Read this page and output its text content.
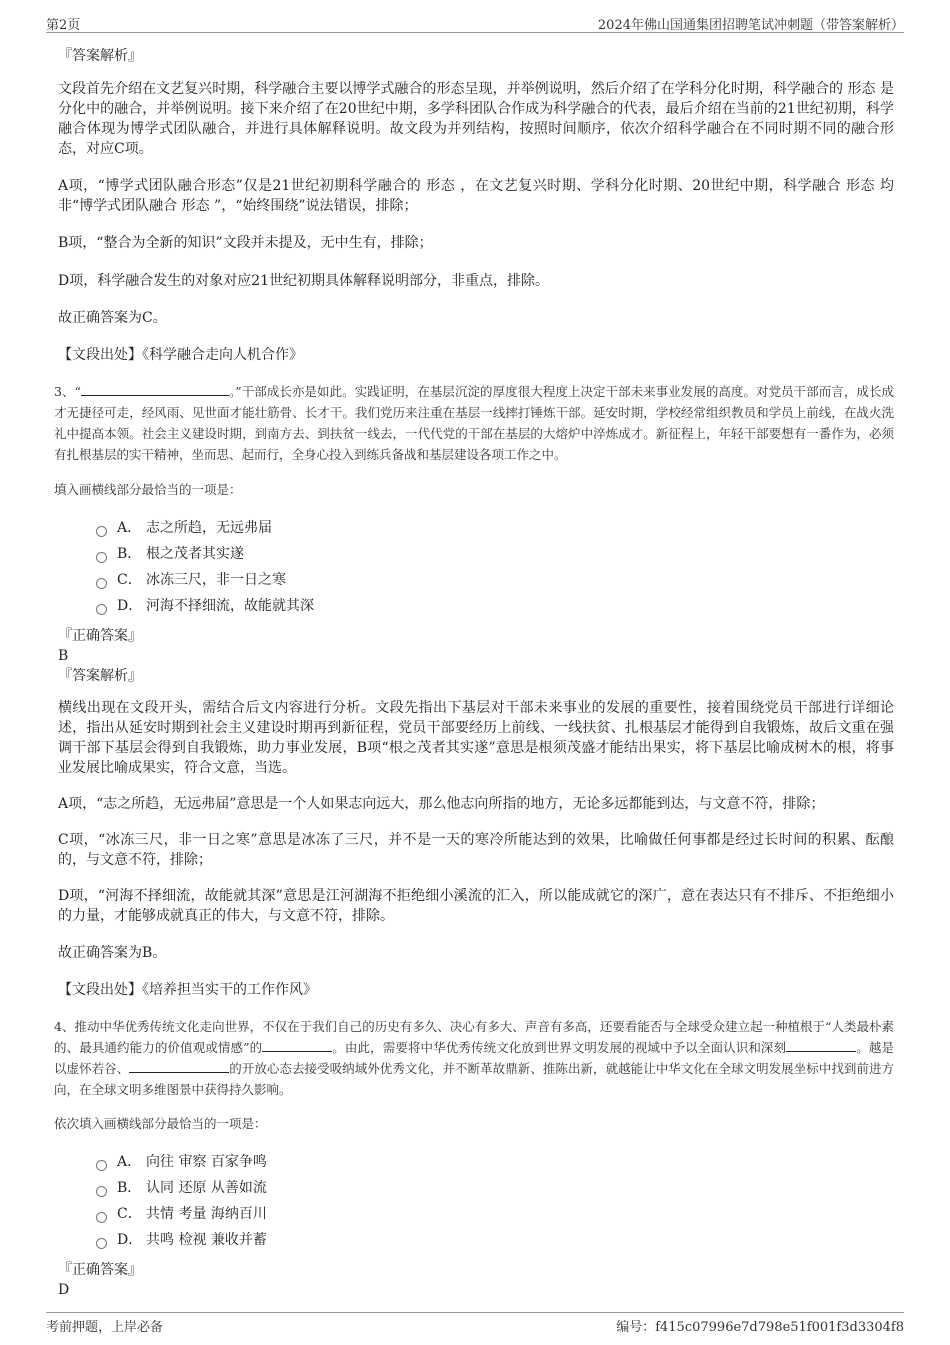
第2页	2024年佛山国通集团招聘笔试冲刺题（带答案解析）

『答案解析』

文段首先介绍在文艺复兴时期，科学融合主要以博学式融合的形态呈现，并举例说明，然后介绍了在学科分化时期，科学融合的 形态 是分化中的融合，并举例说明。接下来介绍了在20世纪中期，多学科团队合作成为科学融合的代表，最后介绍在当前的21世纪初期，科学融合体现为博学式团队融合，并进行具体解释说明。故文段为并列结构，按照时间顺序，依次介绍科学融合在不同时期不同的融合形态，对应C项。

A项，“博学式团队融合形态”仅是21世纪初期科学融合的 形态 ，在文艺复兴时期、学科分化时期、20世纪中期，科学融合 形态 均非“博学式团队融合 形态 ”，“始终围绕”说法错误，排除；

B项，“整合为全新的知识”文段并未提及，无中生有，排除；

D项，科学融合发生的对象对应21世纪初期具体解释说明部分，非重点，排除。

故正确答案为C。

【文段出处】《科学融合走向人机合作》

3、“	。”干部成长亦是如此。实践证明，在基层沉淀的厚度很大程度上决定干部未来事业发展的高度。对党员干部而言，成长成才无捷径可走，经风雨、见世面才能壮筋骨、长才干。我们党历来注重在基层一线摔打锤炼干部。延安时期，学校经常组织教员和学员上前线，在战火洗礼中提高本领。社会主义建设时期，到南方去、到扶贫一线去，一代代党的干部在基层的大熔炉中淬炼成才。新征程上，年轻干部要想有一番作为，必须有扎根基层的实干精神，坐而思、起而行，全身心投入到练兵备战和基层建设各项工作之中。

填入画横线部分最恰当的一项是：

A． 志之所趋，无远弗届
B． 根之茂者其实遂
C． 冰冻三尺，非一日之寒
D． 河海不择细流，故能就其深

『正确答案』

B

『答案解析』

横线出现在文段开头，需结合后文内容进行分析。文段先指出下基层对干部未来事业的发展的重要性，接着围绕党员干部进行详细论述，指出从延安时期到社会主义建设时期再到新征程，党员干部要经历上前线、一线扶贫、扎根基层才能得到自我锻炼，故后文重在强调干部下基层会得到自我锻炼，助力事业发展，B项“根之茂者其实遂”意思是根须茂盛才能结出果实，将下基层比喻成树木的根，将事业发展比喻成果实，符合文意，当选。

A项，“志之所趋，无远弗届”意思是一个人如果志向远大，那么他志向所指的地方，无论多远都能到达，与文意不符，排除；

C项，“冰冻三尺，非一日之寒”意思是冰冻了三尺，并不是一天的寒冷所能达到的效果，比喻做任何事都是经过长时间的积累、酝酿的，与文意不符，排除；

D项，“河海不择细流，故能就其深”意思是江河湖海不拒绝细小溪流的汇入，所以能成就它的深广，意在表达只有不排斥、不拒绝细小的力量，才能够成就真正的伟大，与文意不符，排除。

故正确答案为B。

【文段出处】《培养担当实干的工作作风》

4、推动中华优秀传统文化走向世界，不仅在于我们自己的历史有多久、决心有多大、声音有多高，还要看能否与全球受众建立起一种植根于“人类最朴素的、最具通约能力的价值观或情感”的	。由此，需要将中华优秀传统文化放到世界文明发展的视域中予以全面认识和深刻	。越是以虚怀若谷、	的开放心态去接受吸纳域外优秀文化，并不断革故鼎新、推陈出新，就越能让中华文化在全球文明发展坐标中找到前进方向，在全球文明多维图景中获得持久影响。

依次填入画横线部分最恰当的一项是：

A． 向往 审察 百家争鸣
B． 认同 还原 从善如流
C． 共情 考量 海纳百川
D． 共鸣 检视 兼收并蓄

『正确答案』

D

考前押题，上岸必备	编号：f415c07996e7d798e51f001f3d3304f8
